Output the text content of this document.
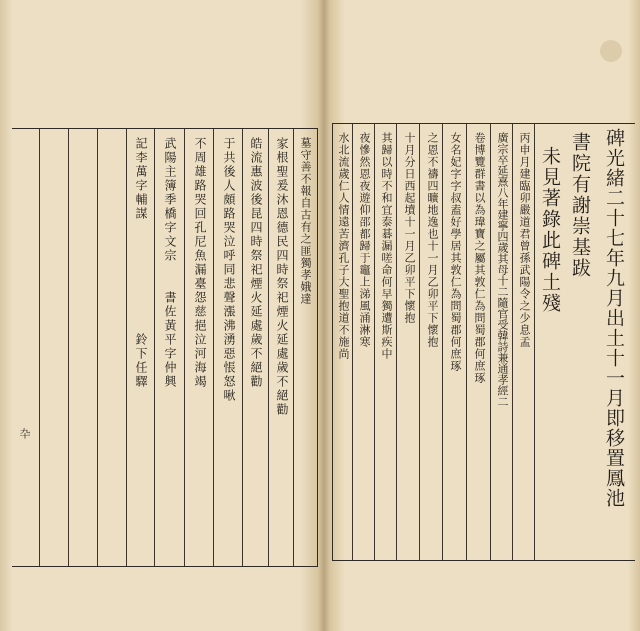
卆
記李萬字輔謀　　　　　　　　鈴下任驛 武陽主簿季橋字文宗　　書佐黃平字仲興 不周雄路哭回孔尼魚漏臺怨慈挹泣河海竭 于共後人頗路哭泣呼同悲聲漲沸湧惡悵怒啾 皓流惠波後昆四時祭祀煙火延處歲不絕勸 家根聖爰沐恩德民四時祭祀煙火延處歲不絕勸 墓守善不報自古有之匪獨孝娥達 水北流歲仁人情遠苦濟孔子大聖抱道不施尚 夜慘然恩夜遊仰邵都歸于竈上涕風涌淋寒 其歸以時不和宜泰碁漏嗟命何早獨遭斯疾中 十月分日西起墳十一月乙卯平下懷抱 之恩不禱四曠地逸也十一月乙卯平下懷抱 女名妃字字叔盍好學居其敦仁為問蜀郡何庶琢 卷博覽群書以為瑋寶之屬其敦仁為問蜀郡何庶琢 廣宗卒延熹八年建寧四歲其母十二隨官受韓詩兼通孝經二 丙申月建臨卯嚴道君曾孫武陽令之少息孟 未見著錄此碑土殘 書院有謝崇基跋 碑光緒二十七年九月出土十一月即移置鳳池
